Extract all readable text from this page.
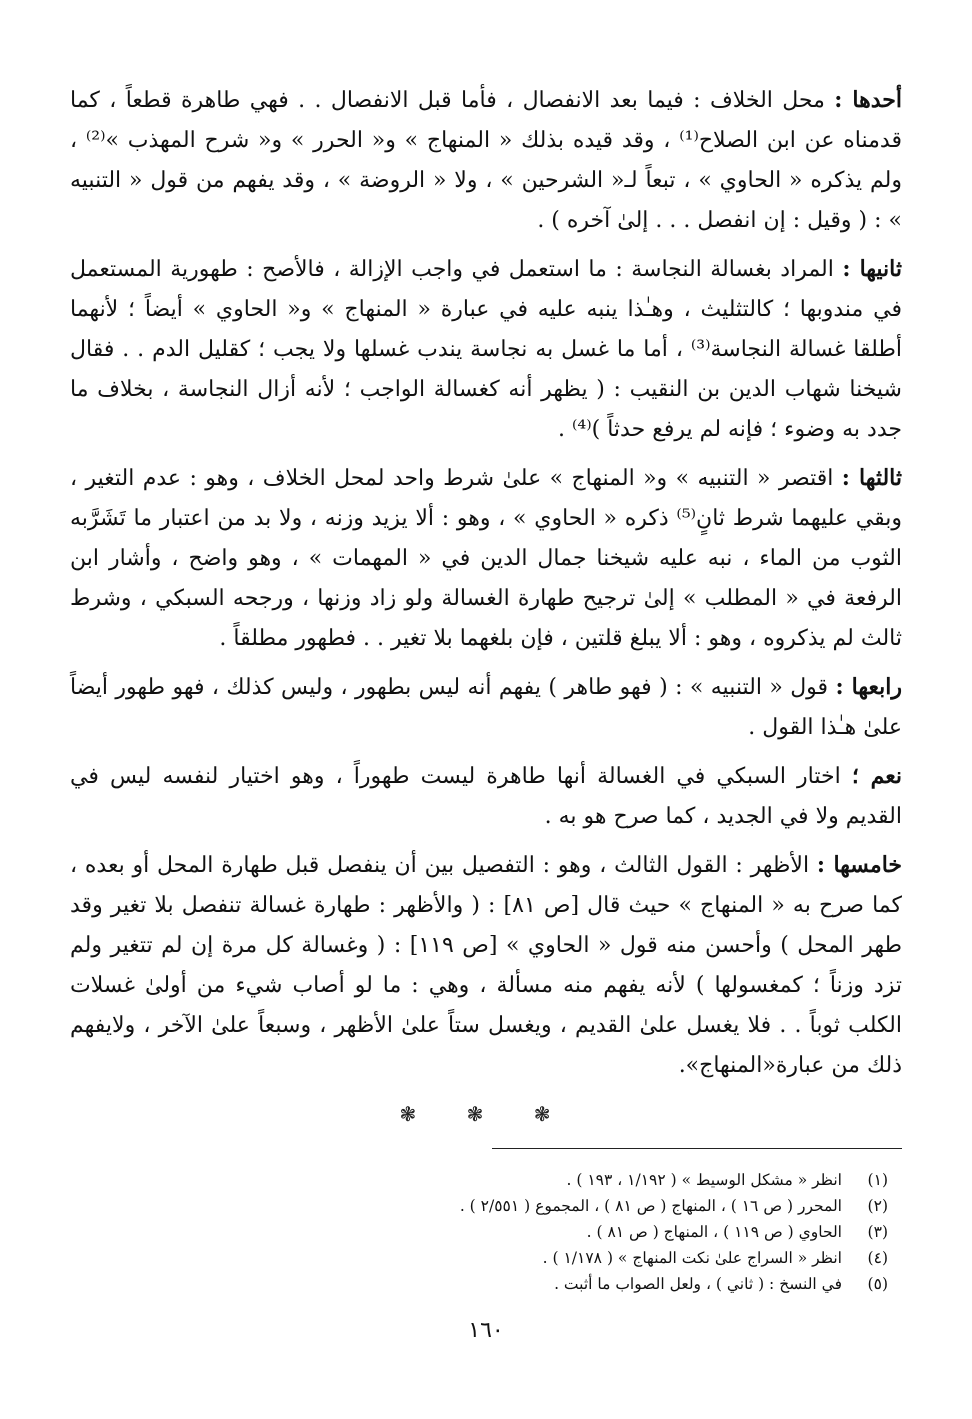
أحدها : محل الخلاف : فيما بعد الانفصال ، فأما قبل الانفصال . . فهي طاهرة قطعاً ، كما قدمناه عن ابن الصلاح⁽¹⁾ ، وقد قيده بذلك « المنهاج » و« الحرر » و« شرح المهذب »⁽²⁾ ، ولم يذكره « الحاوي » ، تبعاً لـ« الشرحين » ، ولا « الروضة » ، وقد يفهم من قول « التنبيه » : ( وقيل : إن انفصل . . . إلىٰ آخره ) .

ثانيها : المراد بغسالة النجاسة : ما استعمل في واجب الإزالة ، فالأصح : طهورية المستعمل في مندوبها ؛ كالتثليث ، وهـٰذا ينبه عليه في عبارة « المنهاج » و« الحاوي » أيضاً ؛ لأنهما أطلقا غسالة النجاسة⁽³⁾ ، أما ما غسل به نجاسة يندب غسلها ولا يجب ؛ كقليل الدم . . فقال شيخنا شهاب الدين بن النقيب : ( يظهر أنه كغسالة الواجب ؛ لأنه أزال النجاسة ، بخلاف ما جدد به وضوء ؛ فإنه لم يرفع حدثاً )⁽⁴⁾ .

ثالثها : اقتصر « التنبيه » و« المنهاج » علىٰ شرط واحد لمحل الخلاف ، وهو : عدم التغير ، وبقي عليهما شرط ثانٍ⁽⁵⁾ ذكره « الحاوي » ، وهو : ألا يزيد وزنه ، ولا بد من اعتبار ما تَشَرَّبه الثوب من الماء ، نبه عليه شيخنا جمال الدين في « المهمات » ، وهو واضح ، وأشار ابن الرفعة في « المطلب » إلىٰ ترجيح طهارة الغسالة ولو زاد وزنها ، ورجحه السبكي ، وشرط ثالث لم يذكروه ، وهو : ألا يبلغ قلتين ، فإن بلغهما بلا تغير . . فطهور مطلقاً .

رابعها : قول « التنبيه » : ( فهو طاهر ) يفهم أنه ليس بطهور ، وليس كذلك ، فهو طهور أيضاً علىٰ هـٰذا القول .

نعم ؛ اختار السبكي في الغسالة أنها طاهرة ليست طهوراً ، وهو اختيار لنفسه ليس في القديم ولا في الجديد ، كما صرح هو به .

خامسها : الأظهر : القول الثالث ، وهو : التفصيل بين أن ينفصل قبل طهارة المحل أو بعده ، كما صرح به « المنهاج » حيث قال [ص ٨١] : ( والأظهر : طهارة غسالة تنفصل بلا تغير وقد طهر المحل ) وأحسن منه قول « الحاوي » [ص ١١٩] : ( وغسالة كل مرة إن لم تتغير ولم تزد وزناً ؛ كمغسولها ) لأنه يفهم منه مسألة ، وهي : ما لو أصاب شيء من أولىٰ غسلات الكلب ثوباً . . فلا يغسل علىٰ القديم ، ويغسل ستاً علىٰ الأظهر ، وسبعاً علىٰ الآخر ، ولايفهم ذلك من عبارة«المنهاج».

❃ ❃ ❃
(١)
انظر « مشكل الوسيط » ( ١/١٩٢ ، ١٩٣ ) .
(٢)
المحرر ( ص ١٦ ) ، المنهاج ( ص ٨١ ) ، المجموع ( ٢/٥٥١ ) .
(٣)
الحاوي ( ص ١١٩ ) ، المنهاج ( ص ٨١ ) .
(٤)
انظر « السراج علىٰ نكت المنهاج » ( ١/١٧٨ ) .
(٥)
في النسخ : ( ثاني ) ، ولعل الصواب ما أثبت .
١٦٠
